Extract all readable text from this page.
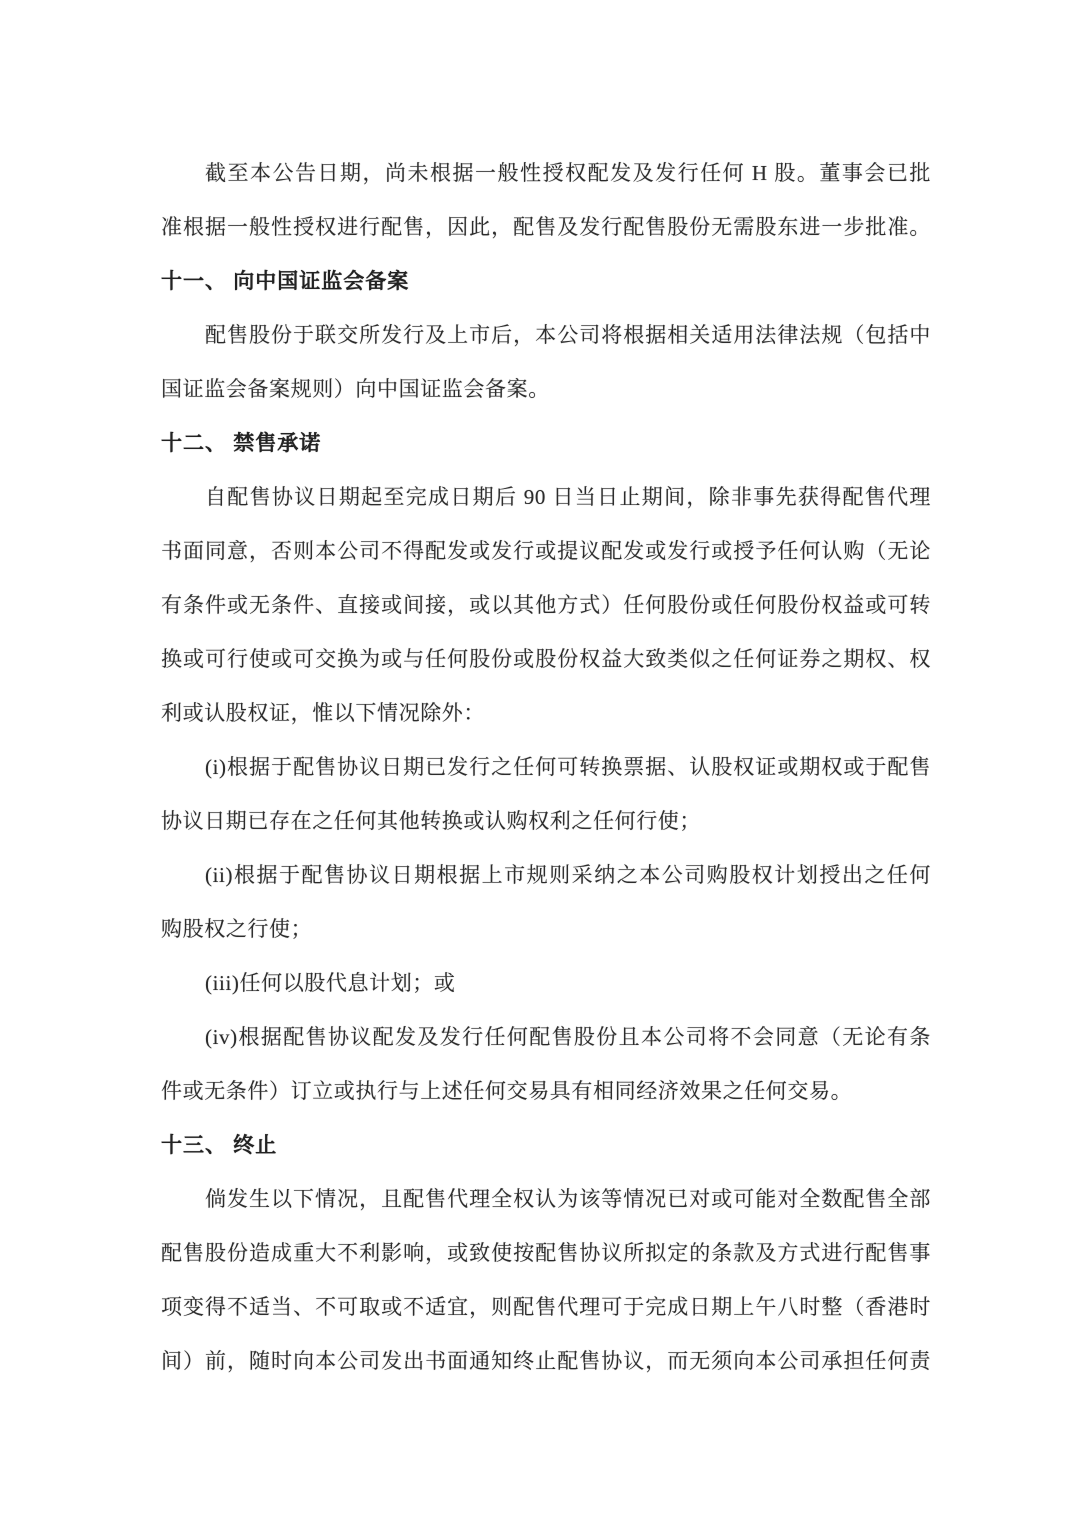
截至本公告日期，尚未根据一般性授权配发及发行任何 H 股。董事会已批
准根据一般性授权进行配售，因此，配售及发行配售股份无需股东进一步批准。
十一、 向中国证监会备案
配售股份于联交所发行及上市后，本公司将根据相关适用法律法规（包括中
国证监会备案规则）向中国证监会备案。
十二、 禁售承诺
自配售协议日期起至完成日期后 90 日当日止期间，除非事先获得配售代理
书面同意，否则本公司不得配发或发行或提议配发或发行或授予任何认购（无论
有条件或无条件、直接或间接，或以其他方式）任何股份或任何股份权益或可转
换或可行使或可交换为或与任何股份或股份权益大致类似之任何证券之期权、权
利或认股权证，惟以下情况除外：
(i)根据于配售协议日期已发行之任何可转换票据、认股权证或期权或于配售
协议日期已存在之任何其他转换或认购权利之任何行使；
(ii)根据于配售协议日期根据上市规则采纳之本公司购股权计划授出之任何
购股权之行使；
(iii)任何以股代息计划；或
(iv)根据配售协议配发及发行任何配售股份且本公司将不会同意（无论有条
件或无条件）订立或执行与上述任何交易具有相同经济效果之任何交易。
十三、 终止
倘发生以下情况，且配售代理全权认为该等情况已对或可能对全数配售全部
配售股份造成重大不利影响，或致使按配售协议所拟定的条款及方式进行配售事
项变得不适当、不可取或不适宜，则配售代理可于完成日期上午八时整（香港时
间）前，随时向本公司发出书面通知终止配售协议，而无须向本公司承担任何责
